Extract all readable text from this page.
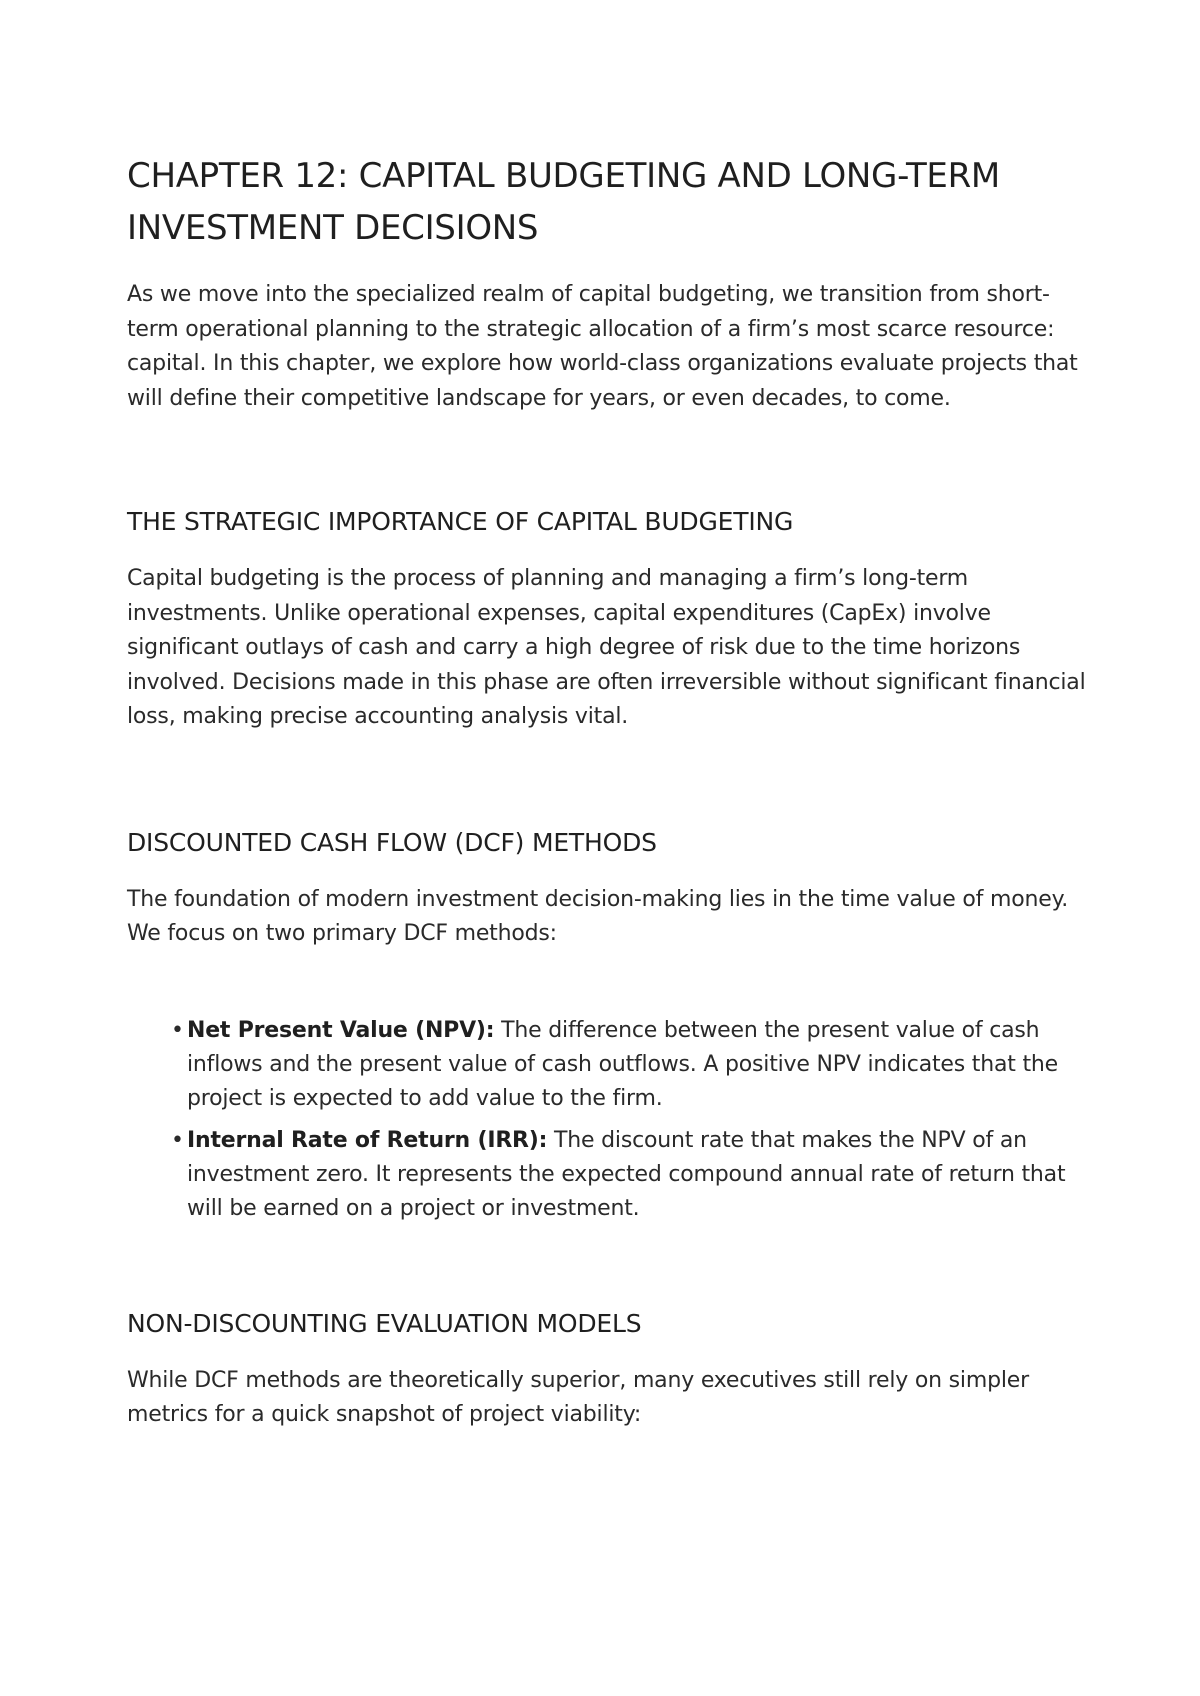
CHAPTER 12: CAPITAL BUDGETING AND LONG-TERM INVESTMENT DECISIONS

As we move into the specialized realm of capital budgeting, we transition from short-term operational planning to the strategic allocation of a firm’s most scarce resource: capital. In this chapter, we explore how world-class organizations evaluate projects that will define their competitive landscape for years, or even decades, to come.

THE STRATEGIC IMPORTANCE OF CAPITAL BUDGETING

Capital budgeting is the process of planning and managing a firm’s long-term investments. Unlike operational expenses, capital expenditures (CapEx) involve significant outlays of cash and carry a high degree of risk due to the time horizons involved. Decisions made in this phase are often irreversible without significant financial loss, making precise accounting analysis vital.

DISCOUNTED CASH FLOW (DCF) METHODS

The foundation of modern investment decision-making lies in the time value of money. We focus on two primary DCF methods:

• Net Present Value (NPV): The difference between the present value of cash inflows and the present value of cash outflows. A positive NPV indicates that the project is expected to add value to the firm.
• Internal Rate of Return (IRR): The discount rate that makes the NPV of an investment zero. It represents the expected compound annual rate of return that will be earned on a project or investment.
NON-DISCOUNTING EVALUATION MODELS

While DCF methods are theoretically superior, many executives still rely on simpler metrics for a quick snapshot of project viability:
